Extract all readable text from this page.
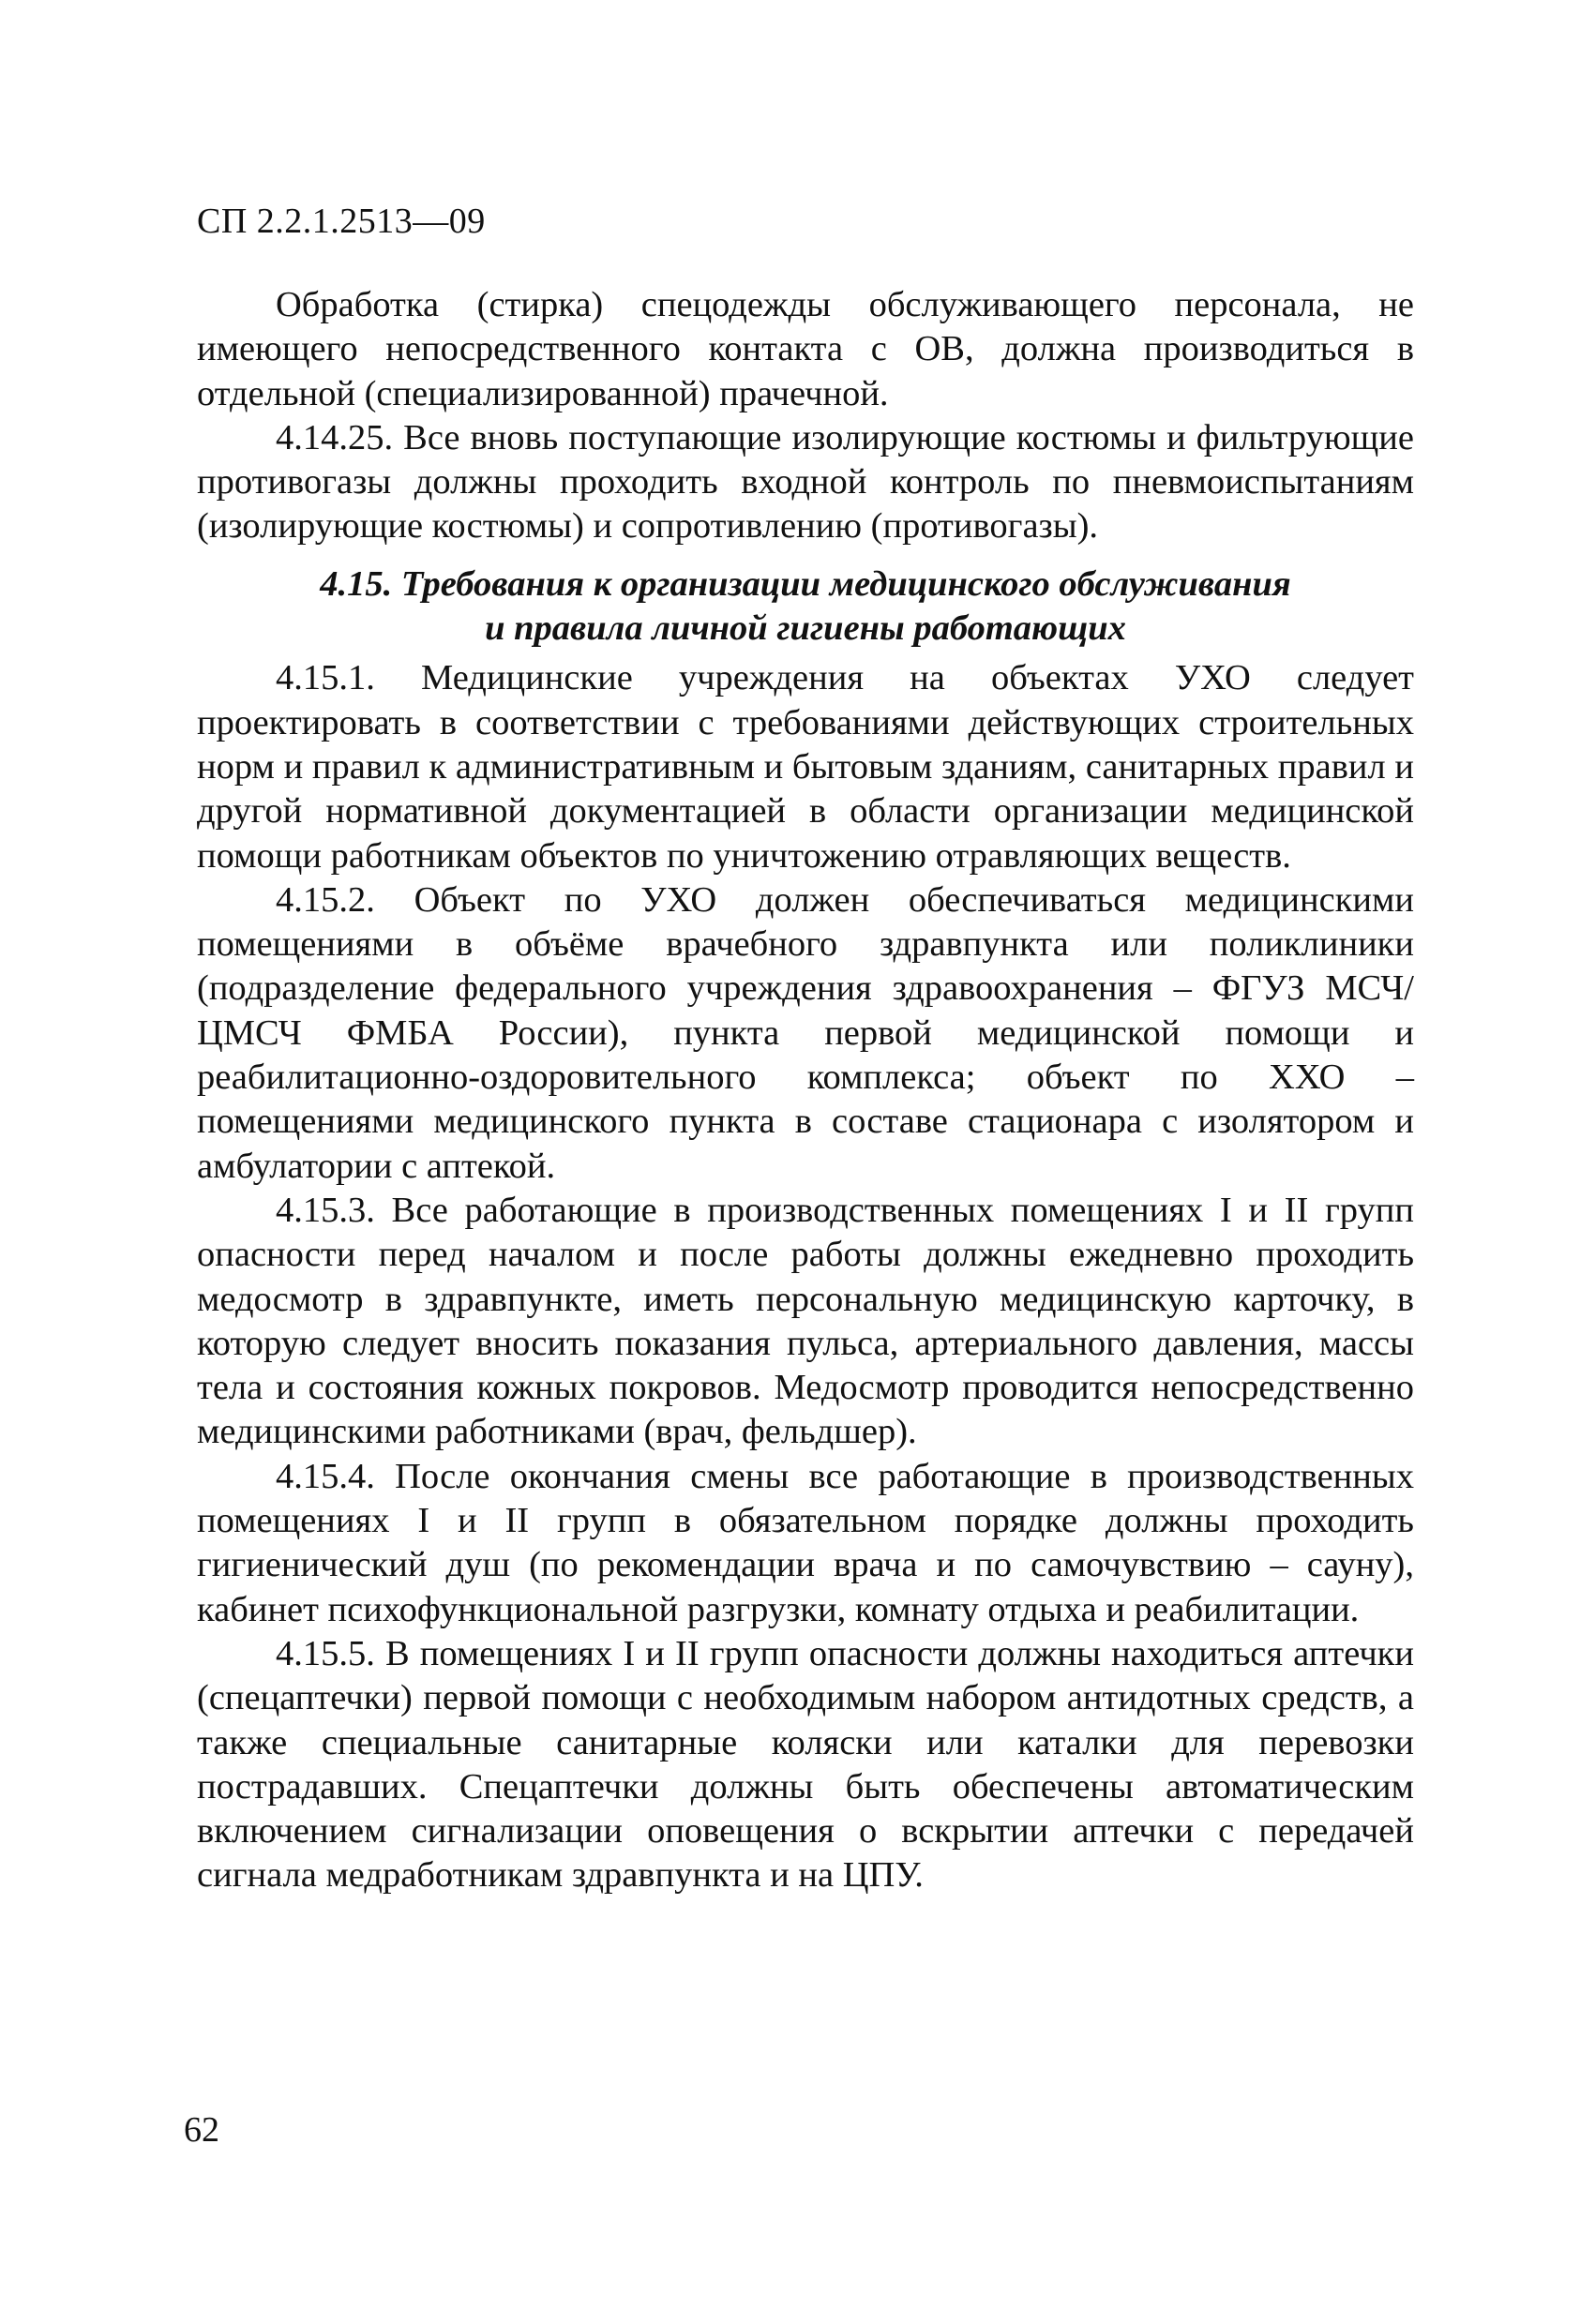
СП 2.2.1.2513—09

Обработка (стирка) спецодежды обслуживающего персонала, не имеющего непосредственного контакта с ОВ, должна производиться в отдельной (специализированной) прачечной.

4.14.25. Все вновь поступающие изолирующие костюмы и фильтрующие противогазы должны проходить входной контроль по пневмоиспытаниям (изолирующие костюмы) и сопротивлению (противогазы).

4.15. Требования к организации медицинского обслуживания
и правила личной гигиены работающих

4.15.1. Медицинские учреждения на объектах УХО следует проектировать в соответствии с требованиями действующих строительных норм и правил к административным и бытовым зданиям, санитарных правил и другой нормативной документацией в области организации медицинской помощи работникам объектов по уничтожению отравляющих веществ.

4.15.2. Объект по УХО должен обеспечиваться медицинскими помещениями в объёме врачебного здравпункта или поликлиники (подразделение федерального учреждения здравоохранения – ФГУЗ МСЧ/ЦМСЧ ФМБА России), пункта первой медицинской помощи и реабилитационно-оздоровительного комплекса; объект по ХХО – помещениями медицинского пункта в составе стационара с изолятором и амбулатории с аптекой.

4.15.3. Все работающие в производственных помещениях I и II групп опасности перед началом и после работы должны ежедневно проходить медосмотр в здравпункте, иметь персональную медицинскую карточку, в которую следует вносить показания пульса, артериального давления, массы тела и состояния кожных покровов. Медосмотр проводится непосредственно медицинскими работниками (врач, фельдшер).

4.15.4. После окончания смены все работающие в производственных помещениях I и II групп в обязательном порядке должны проходить гигиенический душ (по рекомендации врача и по самочувствию – сауну), кабинет психофункциональной разгрузки, комнату отдыха и реабилитации.

4.15.5. В помещениях I и II групп опасности должны находиться аптечки (спецаптечки) первой помощи с необходимым набором антидотных средств, а также специальные санитарные коляски или каталки для перевозки пострадавших. Спецаптечки должны быть обеспечены автоматическим включением сигнализации оповещения о вскрытии аптечки с передачей сигнала медработникам здравпункта и на ЦПУ.

62
